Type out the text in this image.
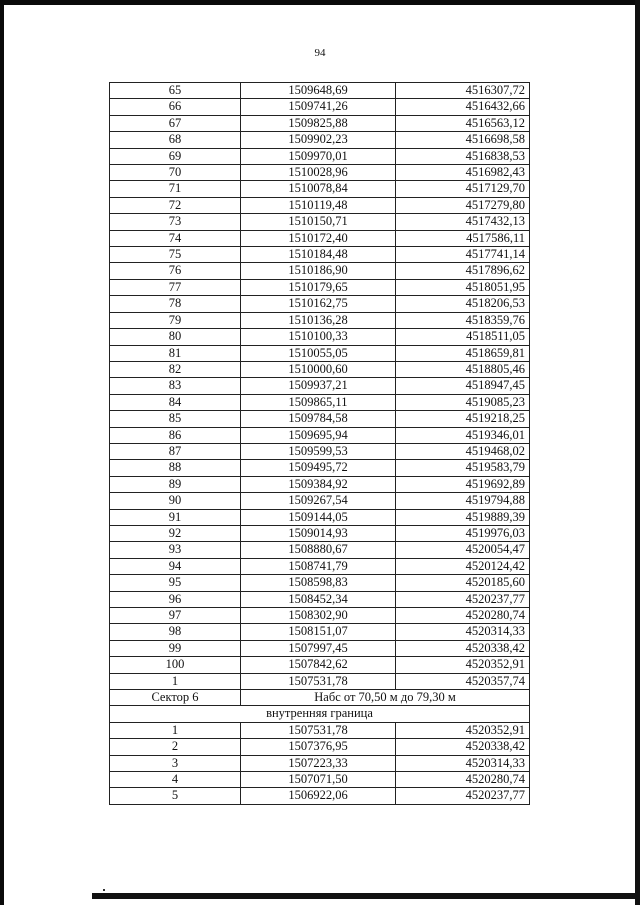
94
65	1509648,69	4516307,72
66	1509741,26	4516432,66
67	1509825,88	4516563,12
68	1509902,23	4516698,58
69	1509970,01	4516838,53
70	1510028,96	4516982,43
71	1510078,84	4517129,70
72	1510119,48	4517279,80
73	1510150,71	4517432,13
74	1510172,40	4517586,11
75	1510184,48	4517741,14
76	1510186,90	4517896,62
77	1510179,65	4518051,95
78	1510162,75	4518206,53
79	1510136,28	4518359,76
80	1510100,33	4518511,05
81	1510055,05	4518659,81
82	1510000,60	4518805,46
83	1509937,21	4518947,45
84	1509865,11	4519085,23
85	1509784,58	4519218,25
86	1509695,94	4519346,01
87	1509599,53	4519468,02
88	1509495,72	4519583,79
89	1509384,92	4519692,89
90	1509267,54	4519794,88
91	1509144,05	4519889,39
92	1509014,93	4519976,03
93	1508880,67	4520054,47
94	1508741,79	4520124,42
95	1508598,83	4520185,60
96	1508452,34	4520237,77
97	1508302,90	4520280,74
98	1508151,07	4520314,33
99	1507997,45	4520338,42
100	1507842,62	4520352,91
1	1507531,78	4520357,74
Сектор 6	Набс от 70,50 м до 79,30 м	
внутренняя граница		
1	1507531,78	4520352,91
2	1507376,95	4520338,42
3	1507223,33	4520314,33
4	1507071,50	4520280,74
5	1506922,06	4520237,77
